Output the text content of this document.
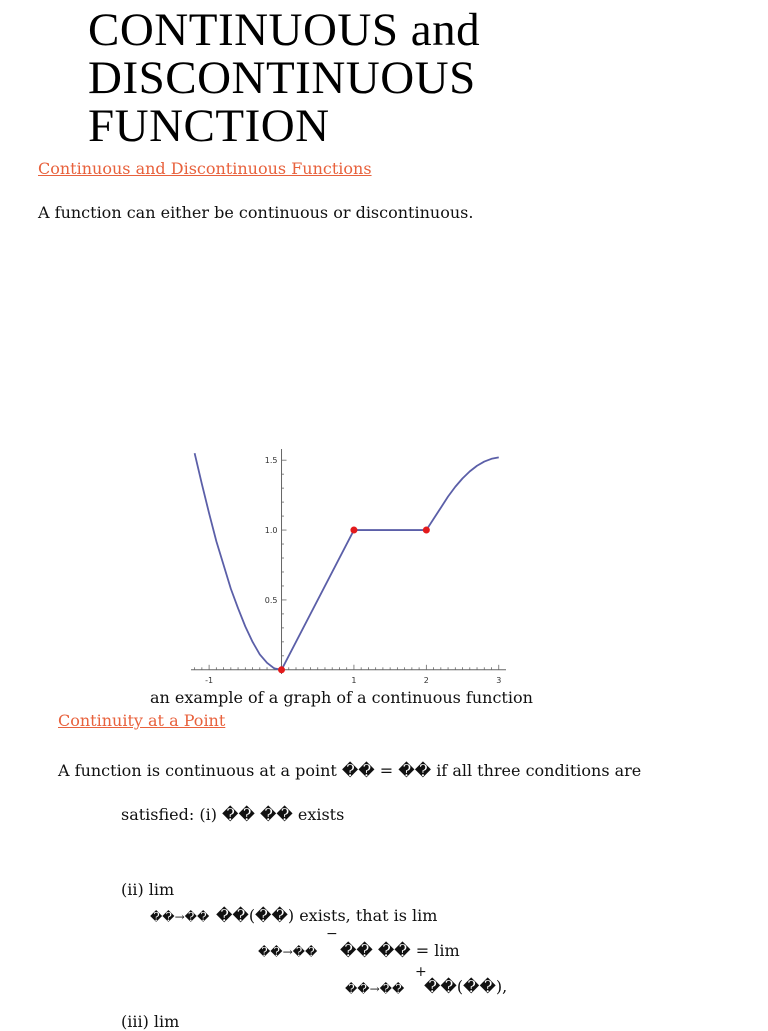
CONTINUOUS and
DISCONTINUOUS
FUNCTION
Continuous and Discontinuous Functions
A function can either be continuous or discontinuous.
-1	1	2	3
0.5
1.0
1.5
an example of a graph of a continuous function
Continuity at a Point
A function is continuous at a point �� = �� if all three conditions are
satisfied: (i) �� �� exists
(ii) lim
��→�� ��(��) exists, that is lim
��→��
−
�� �� = lim
��→��
+
��(��),
(iii) lim
